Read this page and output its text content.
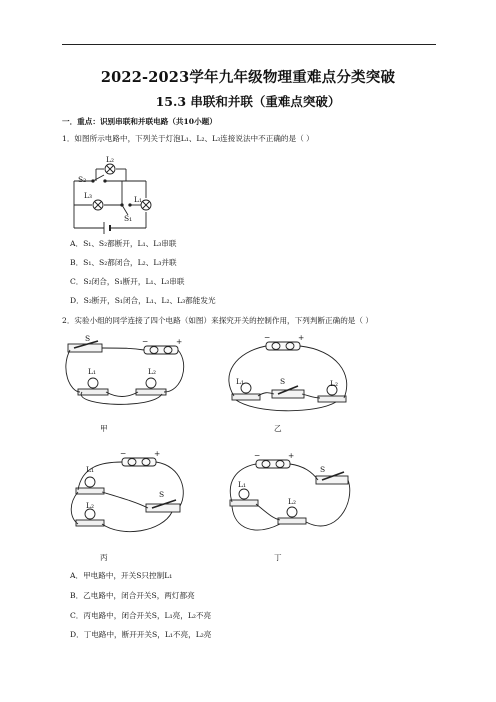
2022-2023学年九年级物理重难点分类突破
15.3 串联和并联（重难点突破）
一．重点：识别串联和并联电路（共10小题）
1．如图所示电路中，下列关于灯泡L₁、L₂、L₃连接说法中不正确的是（ ）
S₂
L₃
L₂
L₁
S₁
A．S₁、S₂都断开，L₁、L₃串联
B．S₁、S₂都闭合，L₂、L₃并联
C．S₂闭合，S₁断开，L₁、L₃串联
D．S₂断开，S₁闭合，L₁、L₂、L₃都能发光
2．实验小组的同学连接了四个电路（如图）来探究开关的控制作用，下列判断正确的是（ ）
S	−	+
L₁	L₂
甲
−	+
L₁	S	L₂
乙
−	+
L₁
L₂
S
丙
−	+
S
L₁
L₂
丁
A．甲电路中，开关S只控制L₁
B．乙电路中，闭合开关S，两灯都亮
C．丙电路中，闭合开关S，L₁亮，L₂不亮
D．丁电路中，断开开关S，L₁不亮，L₂亮
